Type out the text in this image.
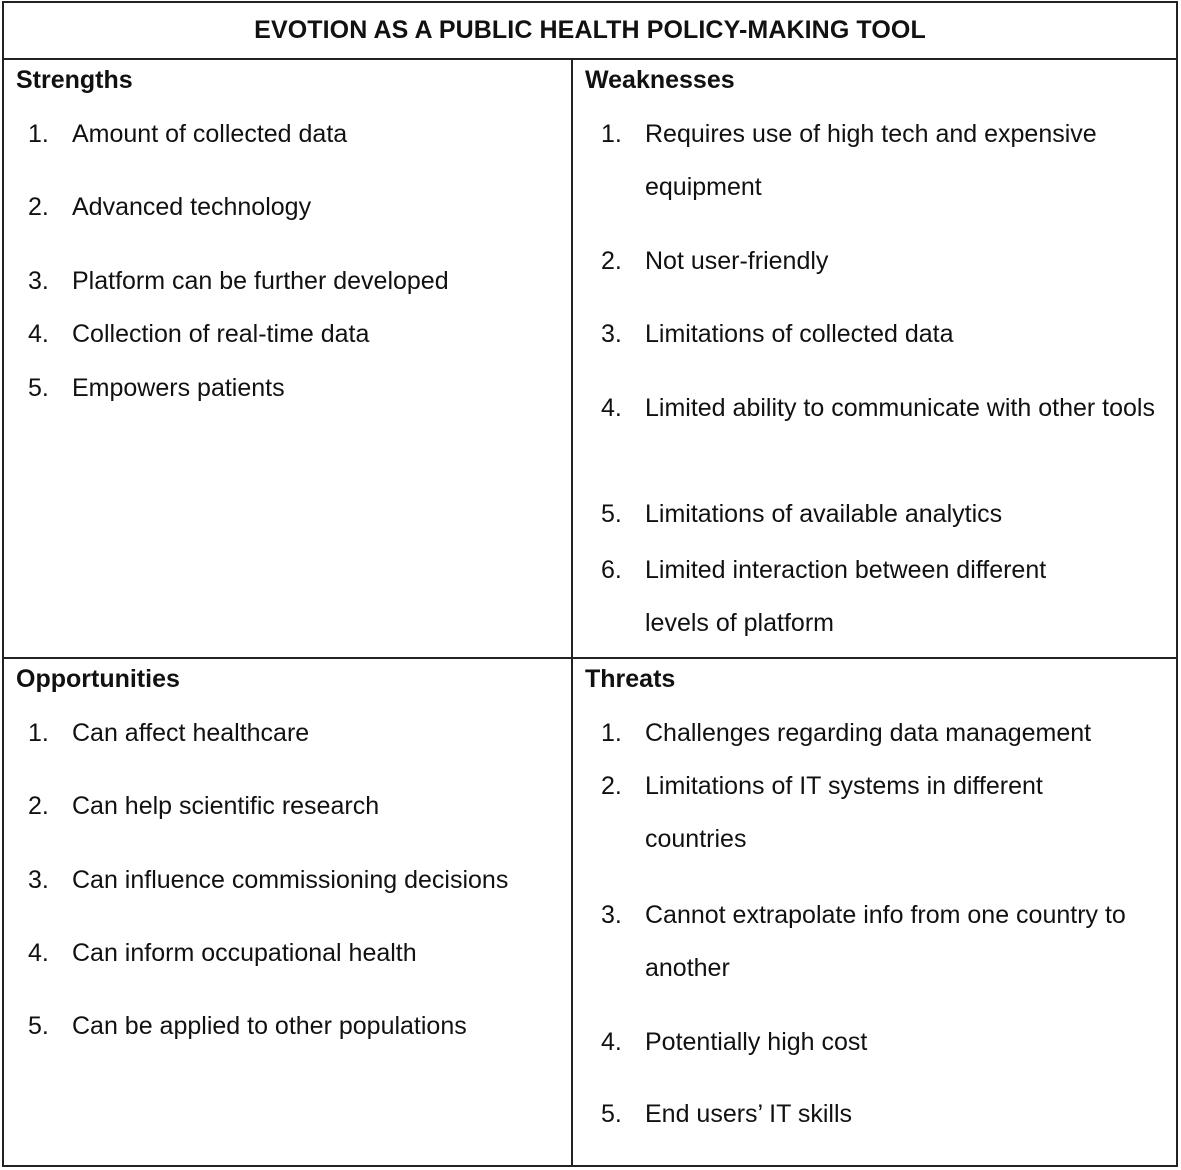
EVOTION AS A PUBLIC HEALTH POLICY-MAKING TOOL
Strengths
1. Amount of collected data
2. Advanced technology
3. Platform can be further developed
4. Collection of real-time data
5. Empowers patients
Weaknesses
1. Requires use of high tech and expensive equipment
2. Not user-friendly
3. Limitations of collected data
4. Limited ability to communicate with other tools
5. Limitations of available analytics
6. Limited interaction between different levels of platform
Opportunities
1. Can affect healthcare
2. Can help scientific research
3. Can influence commissioning decisions
4. Can inform occupational health
5. Can be applied to other populations
Threats
1. Challenges regarding data management
2. Limitations of IT systems in different countries
3. Cannot extrapolate info from one country to another
4. Potentially high cost
5. End users’ IT skills
